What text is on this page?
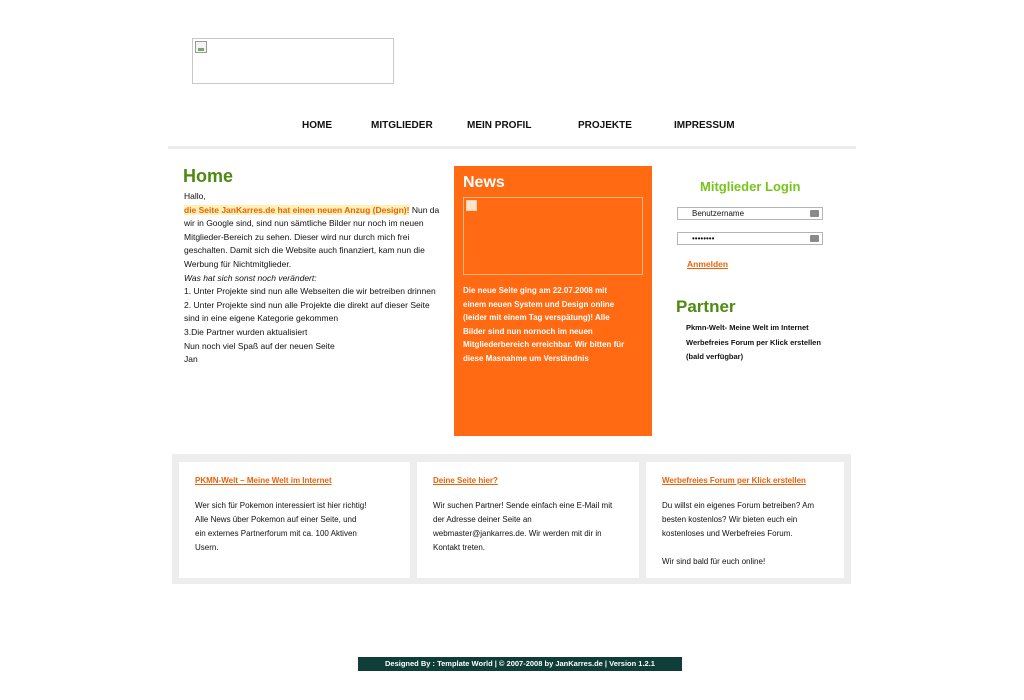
HOME	MITGLIEDER	MEIN PROFIL	PROJEKTE	IMPRESSUM
Home

Hallo,

die Seite JanKarres.de hat einen neuen Anzug (Design)! Nun da

wir in Google sind, sind nun sämtliche Bilder nur noch im neuen

Mitglieder-Bereich zu sehen. Dieser wird nur durch mich frei

geschalten. Damit sich die Website auch finanziert, kam nun die

Werbung für Nichtmitglieder.

Was hat sich sonst noch verändert:

1. Unter Projekte sind nun alle Webseiten die wir betreiben drinnen

2. Unter Projekte sind nun alle Projekte die direkt auf dieser Seite

sind in eine eigene Kategorie gekommen

3.Die Partner wurden aktualisiert

Nun noch viel Spaß auf der neuen Seite

Jan

News
Die neue Seite ging am 22.07.2008 mit
einem neuen System und Design online
(leider mit einem Tag verspätung)! Alle
Bilder sind nun nornoch im neuen
Mitgliederbereich erreichbar. Wir bitten für
diese Masnahme um Verständnis
Mitglieder Login
Benutzername
••••••••
Anmelden
Partner

Pkmn-Welt- Meine Welt im Internet

Werbefreies Forum per Klick erstellen

(bald verfügbar)

PKMN-Welt – Meine Welt im Internet

Wer sich für Pokemon interessiert ist hier richtig!

Alle News über Pokemon auf einer Seite, und

ein externes Partnerforum mit ca. 100 Aktiven

Usern.

Deine Seite hier?

Wir suchen Partner! Sende einfach eine E-Mail mit

der Adresse deiner Seite an

webmaster@jankarres.de. Wir werden mit dir in

Kontakt treten.

Werbefreies Forum per Klick erstellen

Du willst ein eigenes Forum betreiben? Am

besten kostenlos? Wir bieten euch ein

kostenloses und Werbefreies Forum.

Wir sind bald für euch online!

Designed By : Template World | © 2007-2008 by JanKarres.de | Version 1.2.1
